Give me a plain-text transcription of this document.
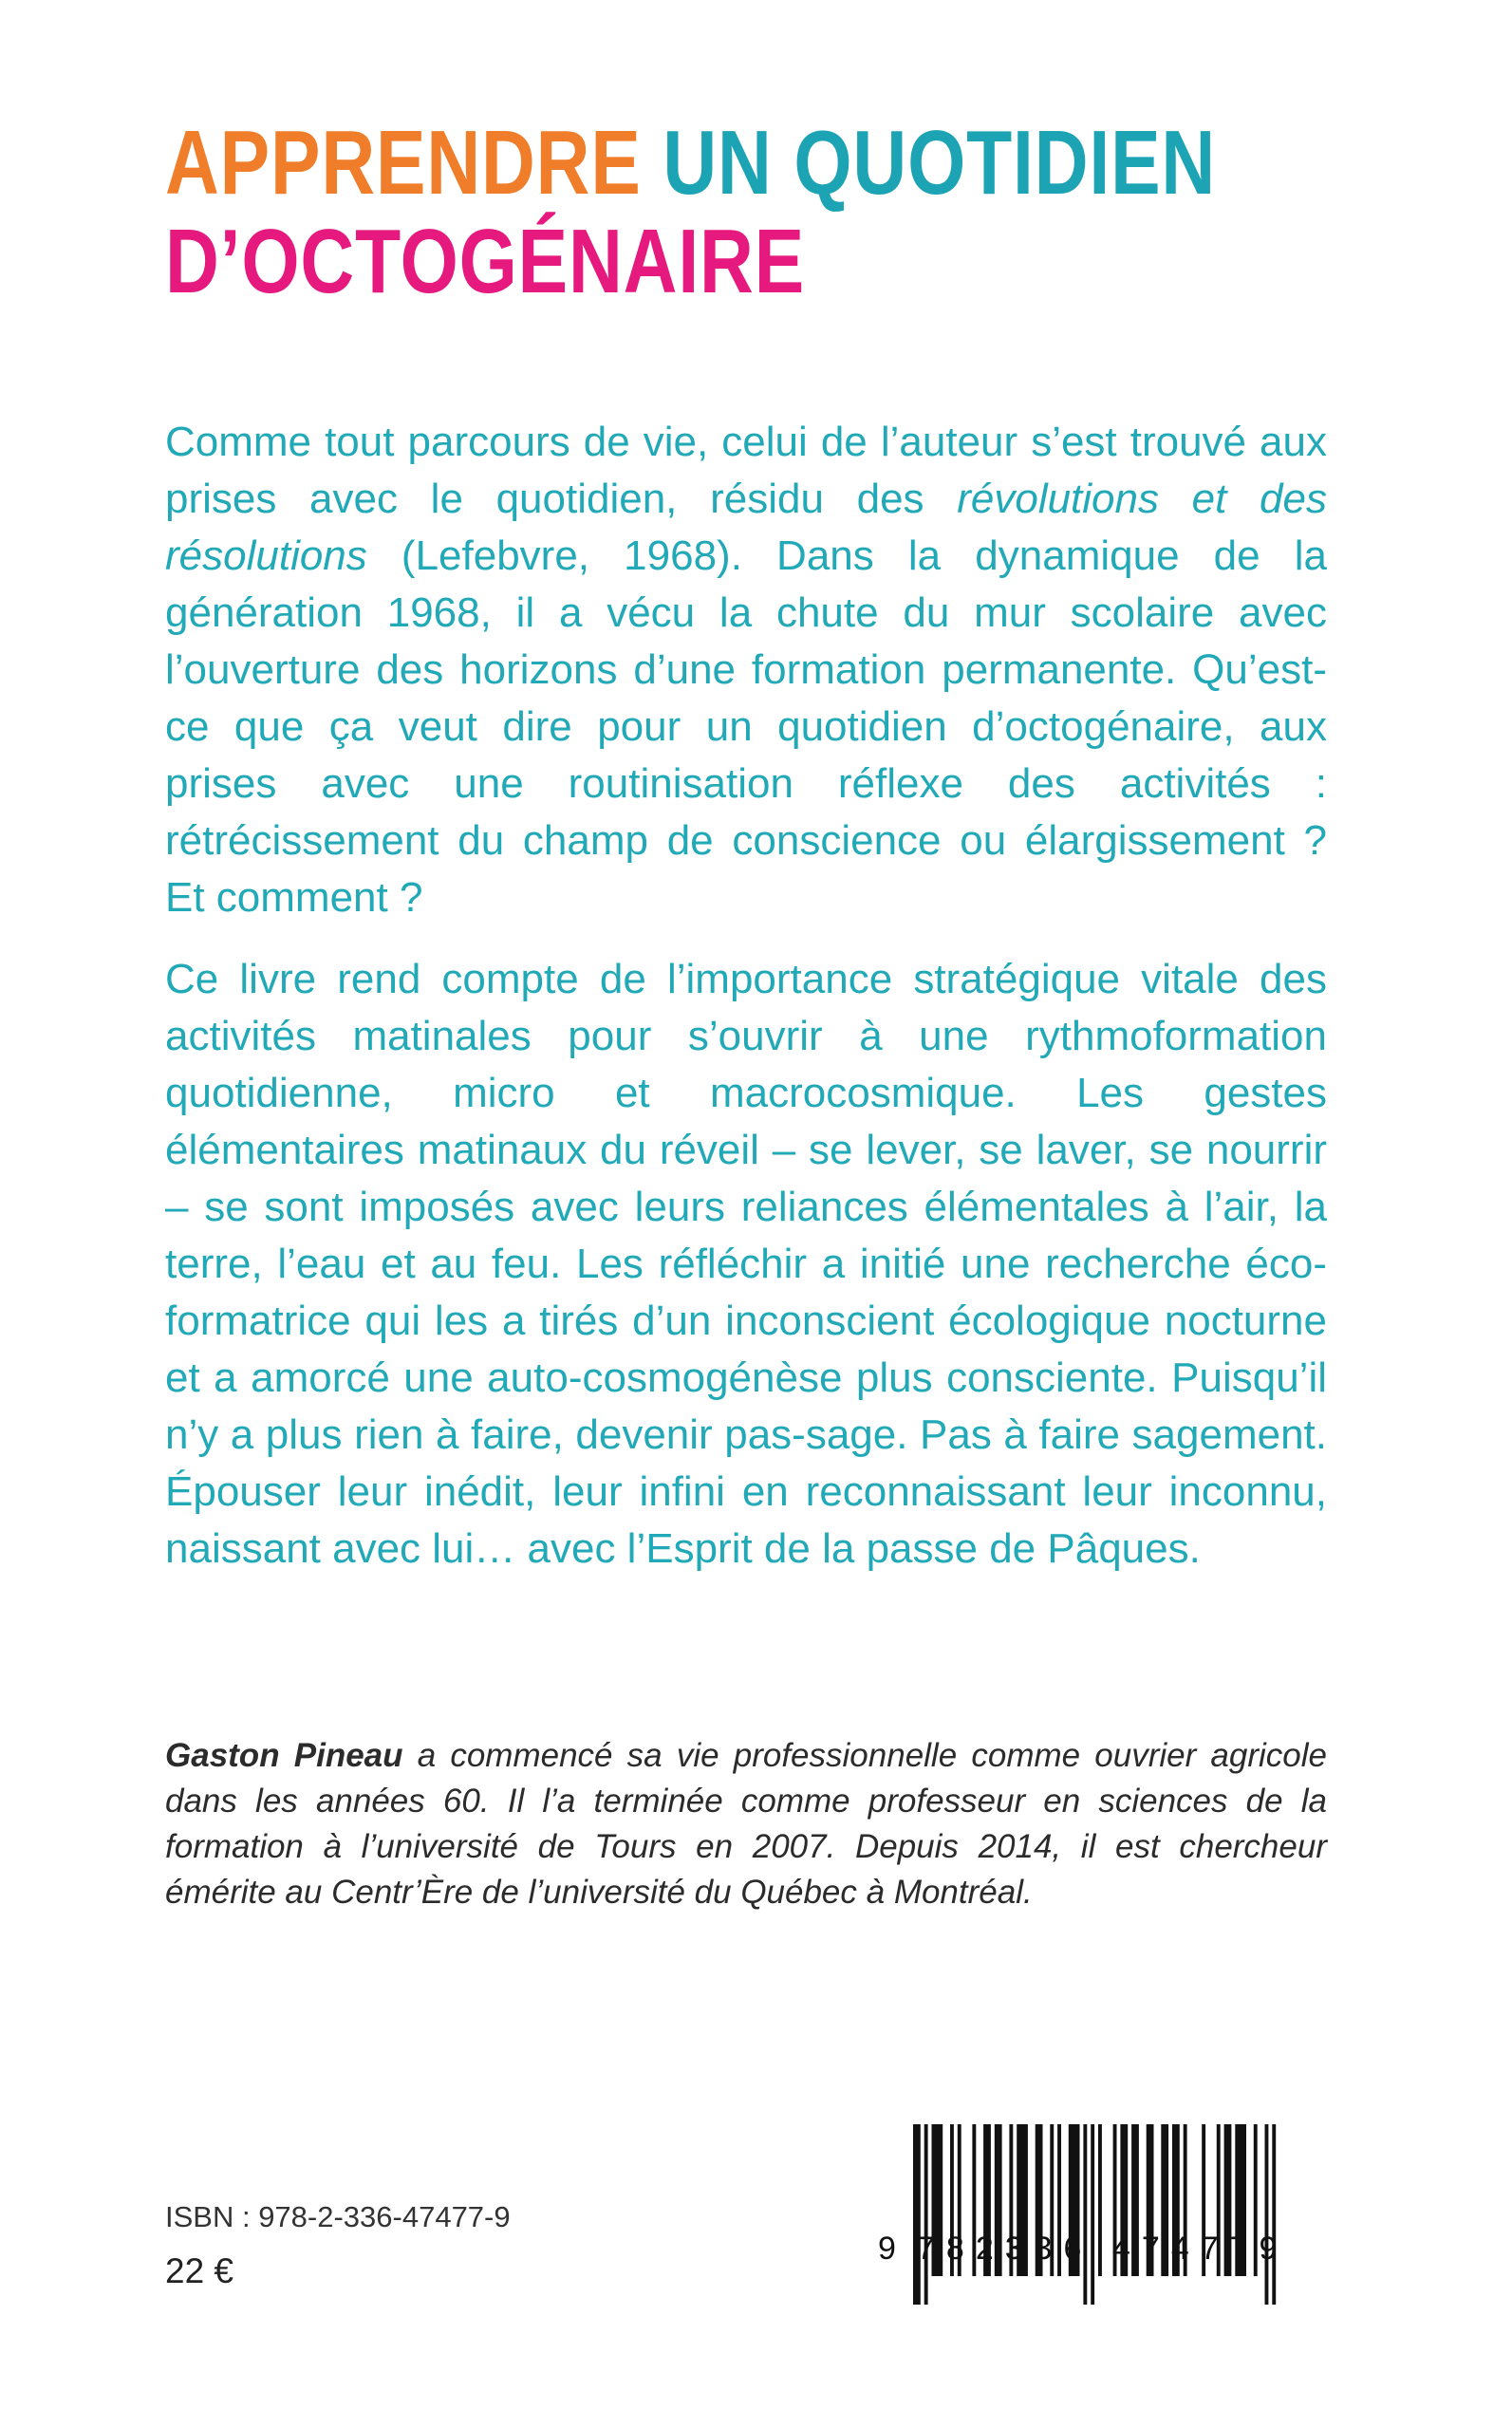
APPRENDRE UN QUOTIDIEN
D’OCTOGÉNAIRE

Comme tout parcours de vie, celui de l’auteur s’est trouvé aux prises avec le quotidien, résidu des révolutions et des résolutions (Lefebvre, 1968). Dans la dynamique de la génération 1968, il a vécu la chute du mur scolaire avec l’ouverture des horizons d’une formation permanente. Qu’est-ce que ça veut dire pour un quotidien d’octogénaire, aux prises avec une routinisation réflexe des activités : rétrécissement du champ de conscience ou élargissement ? Et comment ?

Ce livre rend compte de l’importance stratégique vitale des activités matinales pour s’ouvrir à une rythmoformation quotidienne, micro et macrocosmique. Les gestes élémentaires matinaux du réveil – se lever, se laver, se nourrir – se sont imposés avec leurs reliances élémentales à l’air, la terre, l’eau et au feu. Les réfléchir a initié une recherche éco-formatrice qui les a tirés d’un inconscient écologique nocturne et a amorcé une auto-cosmogénèse plus consciente. Puisqu’il n’y a plus rien à faire, devenir pas-sage. Pas à faire sagement. Épouser leur inédit, leur infini en reconnaissant leur inconnu, naissant avec lui… avec l’Esprit de la passe de Pâques.

Gaston Pineau a commencé sa vie professionnelle comme ouvrier agricole dans les années 60. Il l’a terminée comme professeur en sciences de la formation à l’université de Tours en 2007. Depuis 2014, il est chercheur émérite au Centr’Ère de l’université du Québec à Montréal.

ISBN : 978-2-336-47477-9
22 €
9 782336 474779
